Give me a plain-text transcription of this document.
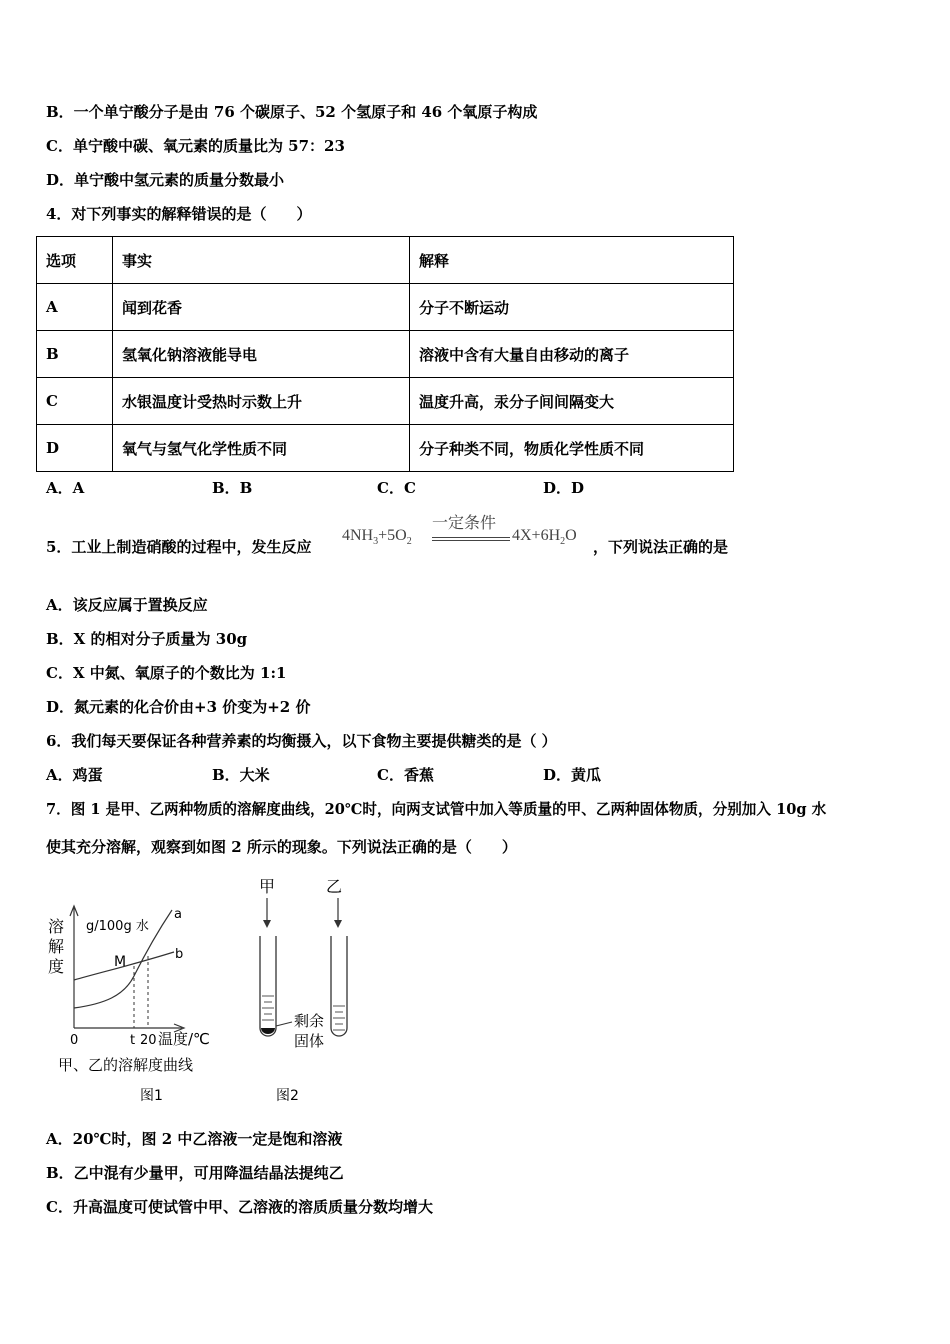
B．一个单宁酸分子是由 76 个碳原子、52 个氢原子和 46 个氧原子构成
C．单宁酸中碳、氧元素的质量比为 57：23
D．单宁酸中氢元素的质量分数最小
4．对下列事实的解释错误的是（　　）
选项	事实	解释
A	闻到花香	分子不断运动
B	氢氧化钠溶液能导电	溶液中含有大量自由移动的离子
C	水银温度计受热时示数上升	温度升高，汞分子间间隔变大
D	氧气与氢气化学性质不同	分子种类不同，物质化学性质不同
A．A	B．B	C．C	D．D
5．工业上制造硝酸的过程中，发生反应
一定条件
$4NH_3+5O_2$	$4X+6H_2O$
，下列说法正确的是
A．该反应属于置换反应
B．X 的相对分子质量为 30g
C．X 中氮、氧原子的个数比为 1:1
D．氮元素的化合价由+3 价变为+2 价
6．我们每天要保证各种营养素的均衡摄入，以下食物主要提供糖类的是（ ）
A．鸡蛋	B．大米	C．香蕉	D．黄瓜
7．图 1 是甲、乙两种物质的溶解度曲线，20℃时，向两支试管中加入等质量的甲、乙两种固体物质，分别加入 10g 水
使其充分溶解，观察到如图 2 所示的现象。下列说法正确的是（　　）
溶
解
度
g/100g 水
a
b
M
0	t 20 温度/℃
甲、乙的溶解度曲线
图1
甲	乙
剩余
固体
图2
A．20℃时，图 2 中乙溶液一定是饱和溶液
B．乙中混有少量甲，可用降温结晶法提纯乙
C．升高温度可使试管中甲、乙溶液的溶质质量分数均增大
